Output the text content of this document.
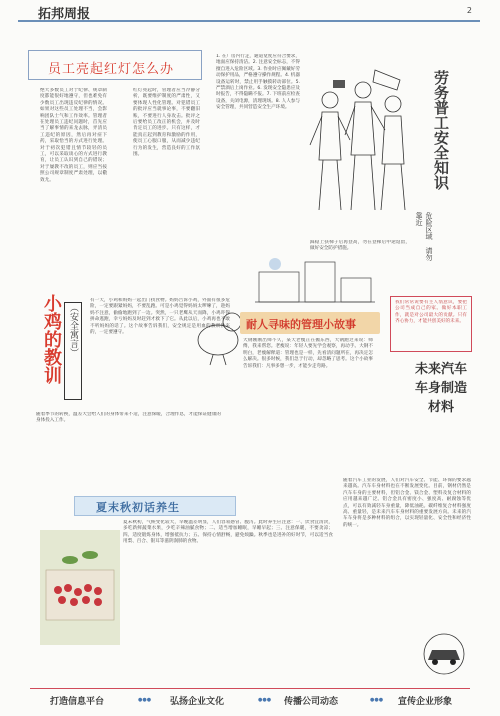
拓邦周报	2
员工亮起红灯怎么办
绝大多数员工对于纪律、规章制度都能很好地遵守，但也难免有少数员工出现违反纪律的情况。如果对这些员工处理不当，会影响团队士气和工作效率。管理者在处理员工违纪问题时，首先应当了解事情的来龙去脉，弄清员工违纪的原因，然后再对症下药，采取恰当的方式进行处理。对于初次犯错且情节较轻的员工，可以采取谈心的方式进行教育，让员工认识到自己的错误；对于屡教不改的员工，则应当按照公司规章制度严肃处理，以儆效尤。
红灯亮起时，管理者应当冷静分析，既要维护制度的严肃性，又要体现人性化管理。对犯错员工的批评应当就事论事，不要翻旧账，不要进行人身攻击。批评之后要给员工改正的机会，并及时肯定员工的进步。只有这样，才能真正起到教育和激励的作用，使员工心服口服，从而减少违纪行为的发生，营造良好的工作氛围。
1. 在厂房内行走，通道宽度应符合要求，地面应保持清洁。2. 注意安全标志，不得擅自进入危险区域。3. 作业时应佩戴好劳动保护用品，严格遵守操作规程。4. 机器设备运转时，禁止用手触摸转动部位。5. 严禁酒后上岗作业。6. 发现安全隐患应及时报告，不得隐瞒不报。7. 下班前应检查设备，关闭电源，清理现场。8. 人人参与安全管理，共同营造安全生产环境。	劳务普工安全知识
踩稳上扶梯子后再登高，勿在登梯后中途逗留，做好安全防护措施。	危险区域　请勿靠近
小鸡的教训 （安全寓言）
有一天，小鸡和妈妈一起出门找食物。妈妈告诉小鸡，外面有很多危险，一定要跟紧妈妈，不要乱跑。可是小鸡觉得妈妈太啰嗦了，趁妈妈不注意，偷偷地跑到了一边。突然，一只老鹰从天而降，小鸡吓得拼命逃跑，幸亏妈妈及时赶到才救下了它。从此以后，小鸡再也不敢不听妈妈的话了。这个故事告诉我们，安全规定是用血的教训换来的，一定要遵守。
随着季节的转换，温差大会给人们的身体带来不适，注意保暖，合理作息，才能保证健康的身体投入工作。
耐人寻味的管理小故事
大钢刚刚出师不久，某天老瘦正在搬东西，大钢跑过来说：师傅，我来帮您。老瘦说：年轻人要先学会观察，再动手。大钢不明白，老瘦解释道：管理也是一样，先看清问题所在，再决定怎么解决。很多时候，我们急于行动，却忽略了思考。这个小故事告诉我们：凡事多想一步，才能少走弯路。
我们常常说要有主人翁意识，要把公司当成自己的家。做好本职工作，就是对公司最大的贡献。只有齐心协力，才能共创美好的未来。
夏末秋初话养生
夏末秋初，气候变化较大，早晚温差明显，人们容易感冒、腹泻。此时养生应注意：一、饮食宜清淡，多吃新鲜蔬菜水果，少吃辛辣油腻食物；二、适当增加睡眠，早睡早起；三、注意保暖，不要贪凉；四、适度锻炼身体，增强抵抗力；五、保持心情舒畅，避免烦躁。秋季也是进补的好时节，可以适当食用梨、百合、银耳等滋阴润肺的食物。
未来汽车车身制造材料
随着汽车工业的发展，人们对汽车安全、节能、环保的要求越来越高。汽车车身材料也在不断发展变化。目前，钢材仍然是汽车车身的主要材料，但铝合金、镁合金、塑料及复合材料的应用越来越广泛。铝合金具有密度小、强度高、耐腐蚀等优点，可以有效减轻车身重量，降低油耗。碳纤维复合材料强度高、重量轻，是未来汽车车身材料的重要发展方向。未来的汽车车身将是多种材料的组合，以实现轻量化、安全性和经济性的统一。
打造信息平台	●●● 弘扬企业文化	●●● 传播公司动态	●●● 宣传企业形象
